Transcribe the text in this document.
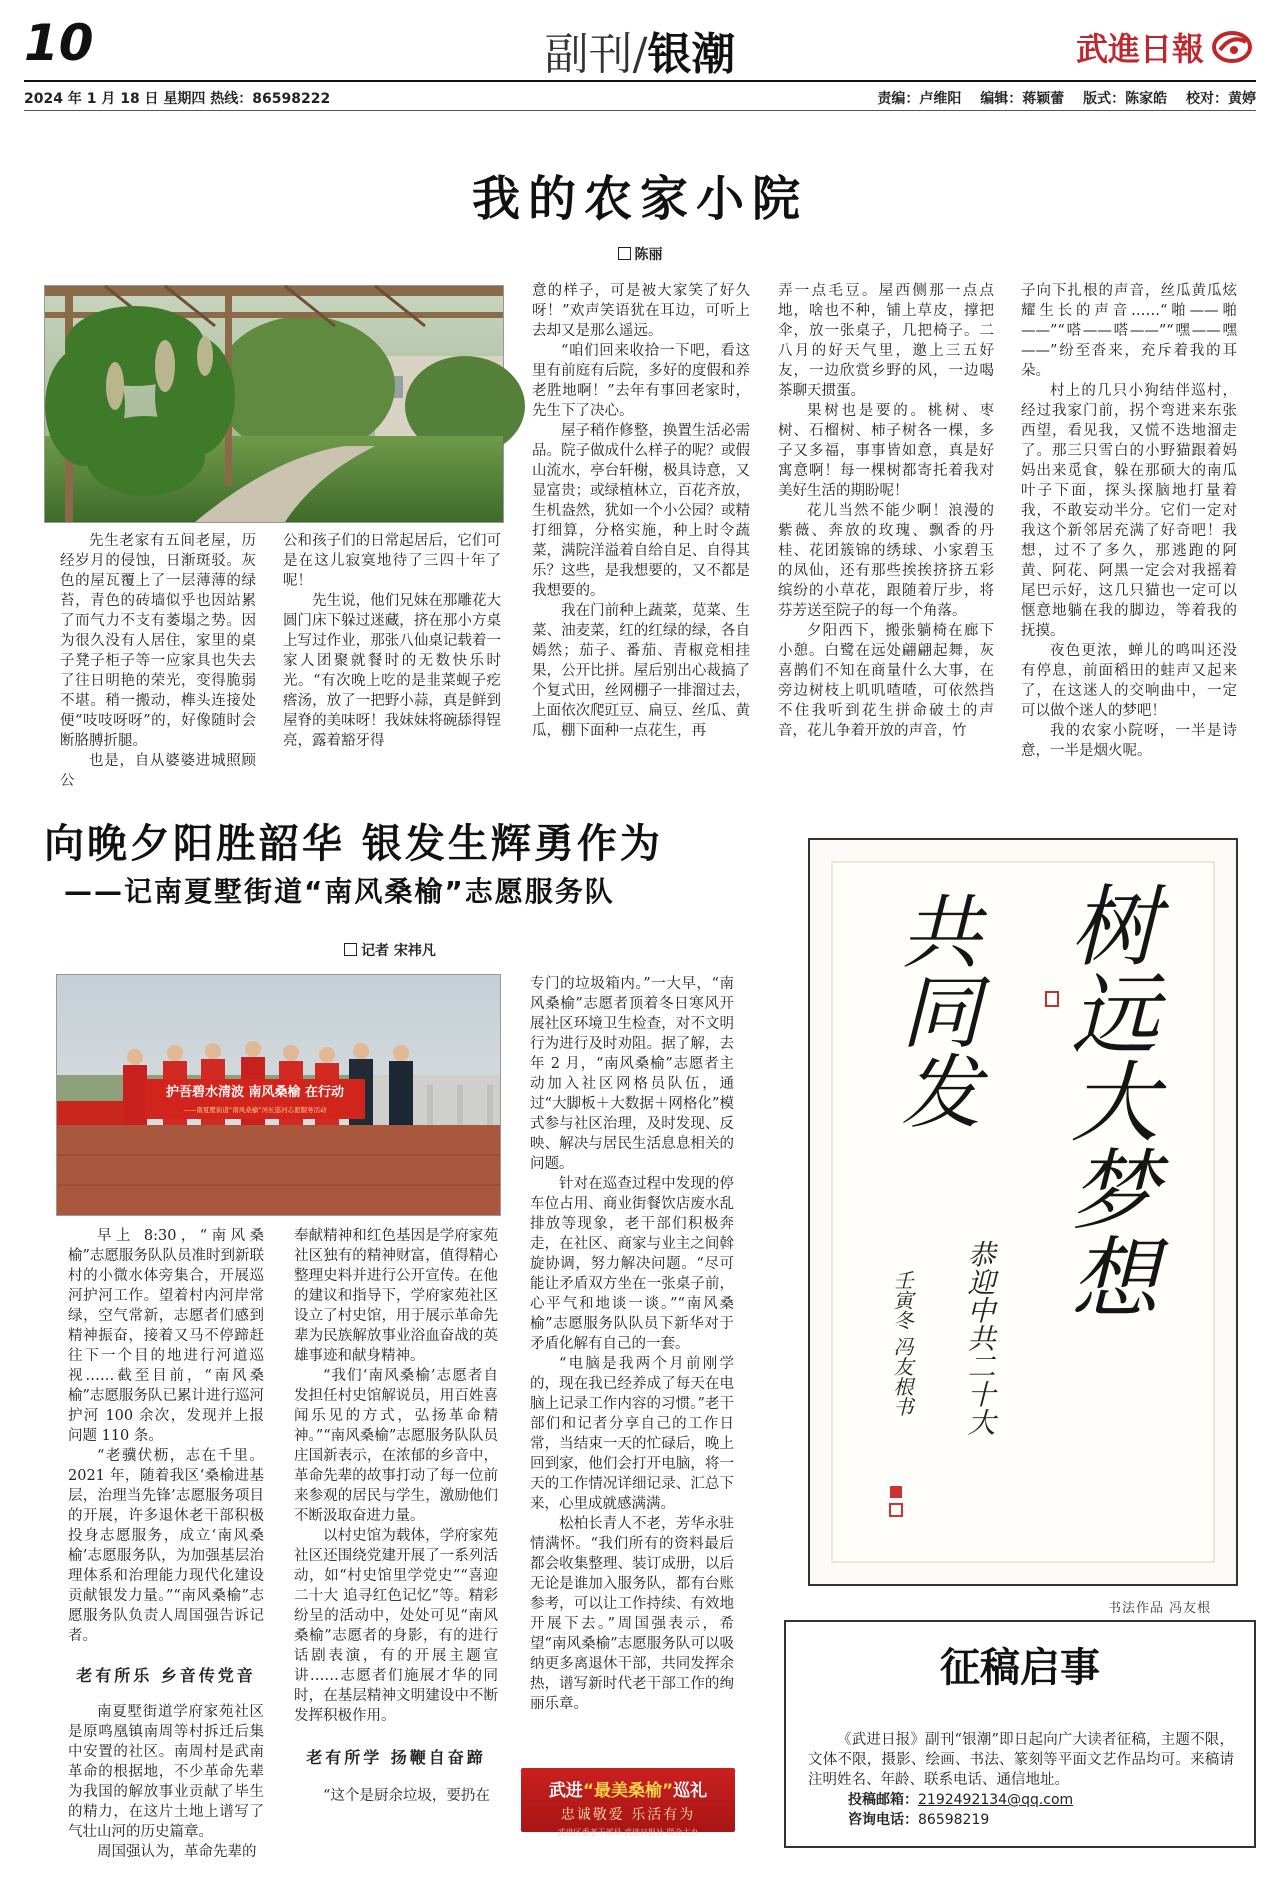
10	副刊/银潮	武進日報
2024 年 1 月 18 日 星期四 热线：86598222	责编：卢维阳 编辑：蒋颖蕾 版式：陈家皓 校对：黄婷
我的农家小院
陈丽

先生老家有五间老屋，历经岁月的侵蚀，日渐斑驳。灰色的屋瓦覆上了一层薄薄的绿苔，青色的砖墙似乎也因站累了而气力不支有萎塌之势。因为很久没有人居住，家里的桌子凳子柜子等一应家具也失去了往日明艳的荣光，变得脆弱不堪。稍一搬动，榫头连接处便“吱吱呀呀”的，好像随时会断胳膊折腿。

也是，自从婆婆进城照顾公

公和孩子们的日常起居后，它们可是在这儿寂寞地待了三四十年了呢！

先生说，他们兄妹在那雕花大圆门床下躲过迷藏，挤在那小方桌上写过作业，那张八仙桌记载着一家人团聚就餐时的无数快乐时光。“有次晚上吃的是韭菜蚬子疙瘩汤，放了一把野小蒜，真是鲜到屋脊的美味呀！我妹妹将碗舔得锃亮，露着豁牙得

意的样子，可是被大家笑了好久呀！”欢声笑语犹在耳边，可听上去却又是那么遥远。

“咱们回来收拾一下吧，看这里有前庭有后院，多好的度假和养老胜地啊！”去年有事回老家时，先生下了决心。

屋子稍作修整，换置生活必需品。院子做成什么样子的呢？或假山流水，亭台轩榭，极具诗意，又显富贵；或绿植林立，百花齐放，生机盎然，犹如一个小公园？或精打细算，分格实施，种上时令蔬菜，满院洋溢着自给自足、自得其乐？这些，是我想要的，又不都是我想要的。

我在门前种上蔬菜，苋菜、生菜、油麦菜，红的红绿的绿，各自嫣然；茄子、番茄、青椒竞相挂果，公开比拼。屋后别出心裁搞了个复式田，丝网棚子一排溜过去，上面依次爬豇豆、扁豆、丝瓜、黄瓜，棚下面种一点花生，再

弄一点毛豆。屋西侧那一点点地，啥也不种，铺上草皮，撑把伞，放一张桌子，几把椅子。二八月的好天气里，邀上三五好友，一边欣赏乡野的风，一边喝茶聊天掼蛋。

果树也是要的。桃树、枣树、石榴树、柿子树各一棵，多子又多福，事事皆如意，真是好寓意啊！每一棵树都寄托着我对美好生活的期盼呢！

花儿当然不能少啊！浪漫的紫薇、奔放的玫瑰、飘香的丹桂、花团簇锦的绣球、小家碧玉的凤仙，还有那些挨挨挤挤五彩缤纷的小草花，跟随着厅步，将芬芳送至院子的每一个角落。

夕阳西下，搬张躺椅在廊下小憩。白鹭在远处翩翩起舞，灰喜鹊们不知在商量什么大事，在旁边树枝上叽叽喳喳，可依然挡不住我听到花生拼命破土的声音，花儿争着开放的声音，竹

子向下扎根的声音，丝瓜黄瓜炫耀生长的声音……“啪——啪——”“嗒——嗒——”“嘿——嘿——”纷至沓来，充斥着我的耳朵。

村上的几只小狗结伴巡村，经过我家门前，拐个弯进来东张西望，看见我，又慌不迭地溜走了。那三只雪白的小野猫跟着妈妈出来觅食，躲在那硕大的南瓜叶子下面，探头探脑地打量着我，不敢妄动半分。它们一定对我这个新邻居充满了好奇吧！我想，过不了多久，那逃跑的阿黄、阿花、阿黑一定会对我摇着尾巴示好，这几只猫也一定可以惬意地躺在我的脚边，等着我的抚摸。

夜色更浓，蝉儿的鸣叫还没有停息，前面稻田的蛙声又起来了，在这迷人的交响曲中，一定可以做个迷人的梦吧！

我的农家小院呀，一半是诗意，一半是烟火呢。

向晚夕阳胜韶华 银发生辉勇作为
——记南夏墅街道“南风桑榆”志愿服务队
记者 宋祎凡
护吾碧水清波 南风桑榆 在行动
——南夏墅街道“南风桑榆”河长巡河志愿服务活动

早上 8:30，“南风桑榆”志愿服务队队员准时到新联村的小微水体旁集合，开展巡河护河工作。望着村内河岸常绿，空气常新，志愿者们感到精神振奋，接着又马不停蹄赶往下一个目的地进行河道巡视……截至目前，“南风桑榆”志愿服务队已累计进行巡河护河 100 余次，发现并上报问题 110 条。

“老骥伏枥，志在千里。2021 年，随着我区‘桑榆进基层，治理当先锋’志愿服务项目的开展，许多退休老干部积极投身志愿服务，成立‘南风桑榆’志愿服务队，为加强基层治理体系和治理能力现代化建设贡献银发力量。”“南风桑榆”志愿服务队负责人周国强告诉记者。

老有所乐 乡音传党音

南夏墅街道学府家苑社区是原鸣凰镇南周等村拆迁后集中安置的社区。南周村是武南革命的根据地，不少革命先辈为我国的解放事业贡献了毕生的精力，在这片土地上谱写了气壮山河的历史篇章。

周国强认为，革命先辈的

奉献精神和红色基因是学府家苑社区独有的精神财富，值得精心整理史料并进行公开宣传。在他的建议和指导下，学府家苑社区设立了村史馆，用于展示革命先辈为民族解放事业浴血奋战的英雄事迹和献身精神。

“我们‘南风桑榆’志愿者自发担任村史馆解说员，用百姓喜闻乐见的方式，弘扬革命精神。”“南风桑榆”志愿服务队队员庄国新表示，在浓郁的乡音中，革命先辈的故事打动了每一位前来参观的居民与学生，激励他们不断汲取奋进力量。

以村史馆为载体，学府家苑社区还围绕党建开展了一系列活动，如“村史馆里学党史”“喜迎二十大 追寻红色记忆”等。精彩纷呈的活动中，处处可见“南风桑榆”志愿者的身影，有的进行话剧表演，有的开展主题宣讲……志愿者们施展才华的同时，在基层精神文明建设中不断发挥积极作用。

老有所学 扬鞭自奋蹄

“这个是厨余垃圾，要扔在

专门的垃圾箱内。”一大早，“南风桑榆”志愿者顶着冬日寒风开展社区环境卫生检查，对不文明行为进行及时劝阻。据了解，去年 2 月，“南风桑榆”志愿者主动加入社区网格员队伍，通过“大脚板＋大数据＋网格化”模式参与社区治理，及时发现、反映、解决与居民生活息息相关的问题。

针对在巡查过程中发现的停车位占用、商业街餐饮店废水乱排放等现象，老干部们积极奔走，在社区、商家与业主之间斡旋协调，努力解决问题。“尽可能让矛盾双方坐在一张桌子前，心平气和地谈一谈。”“南风桑榆”志愿服务队队员下新华对于矛盾化解有自己的一套。

“电脑是我两个月前刚学的，现在我已经养成了每天在电脑上记录工作内容的习惯。”老干部们和记者分享自己的工作日常，当结束一天的忙碌后，晚上回到家，他们会打开电脑，将一天的工作情况详细记录、汇总下来，心里成就感满满。

松柏长青人不老，芳华永驻情满怀。“我们所有的资料最后都会收集整理、装订成册，以后无论是谁加入服务队，都有台账参考，可以让工作持续、有效地开展下去。”周国强表示，希望“南风桑榆”志愿服务队可以吸纳更多离退休干部，共同发挥余热，谱写新时代老干部工作的绚丽乐章。

武进“最美桑榆”巡礼
忠诚敬爱 乐活有为
武进区委老干部局 武进日报社 联合主办
树远大梦想
共同发
恭迎中共二十大
壬寅冬 冯友根书
书法作品 冯友根
征稿启事

《武进日报》副刊“银潮”即日起向广大读者征稿，主题不限，文体不限，摄影、绘画、书法、篆刻等平面文艺作品均可。来稿请注明姓名、年龄、联系电话、通信地址。

投稿邮箱：2192492134@qq.com
咨询电话：86598219
